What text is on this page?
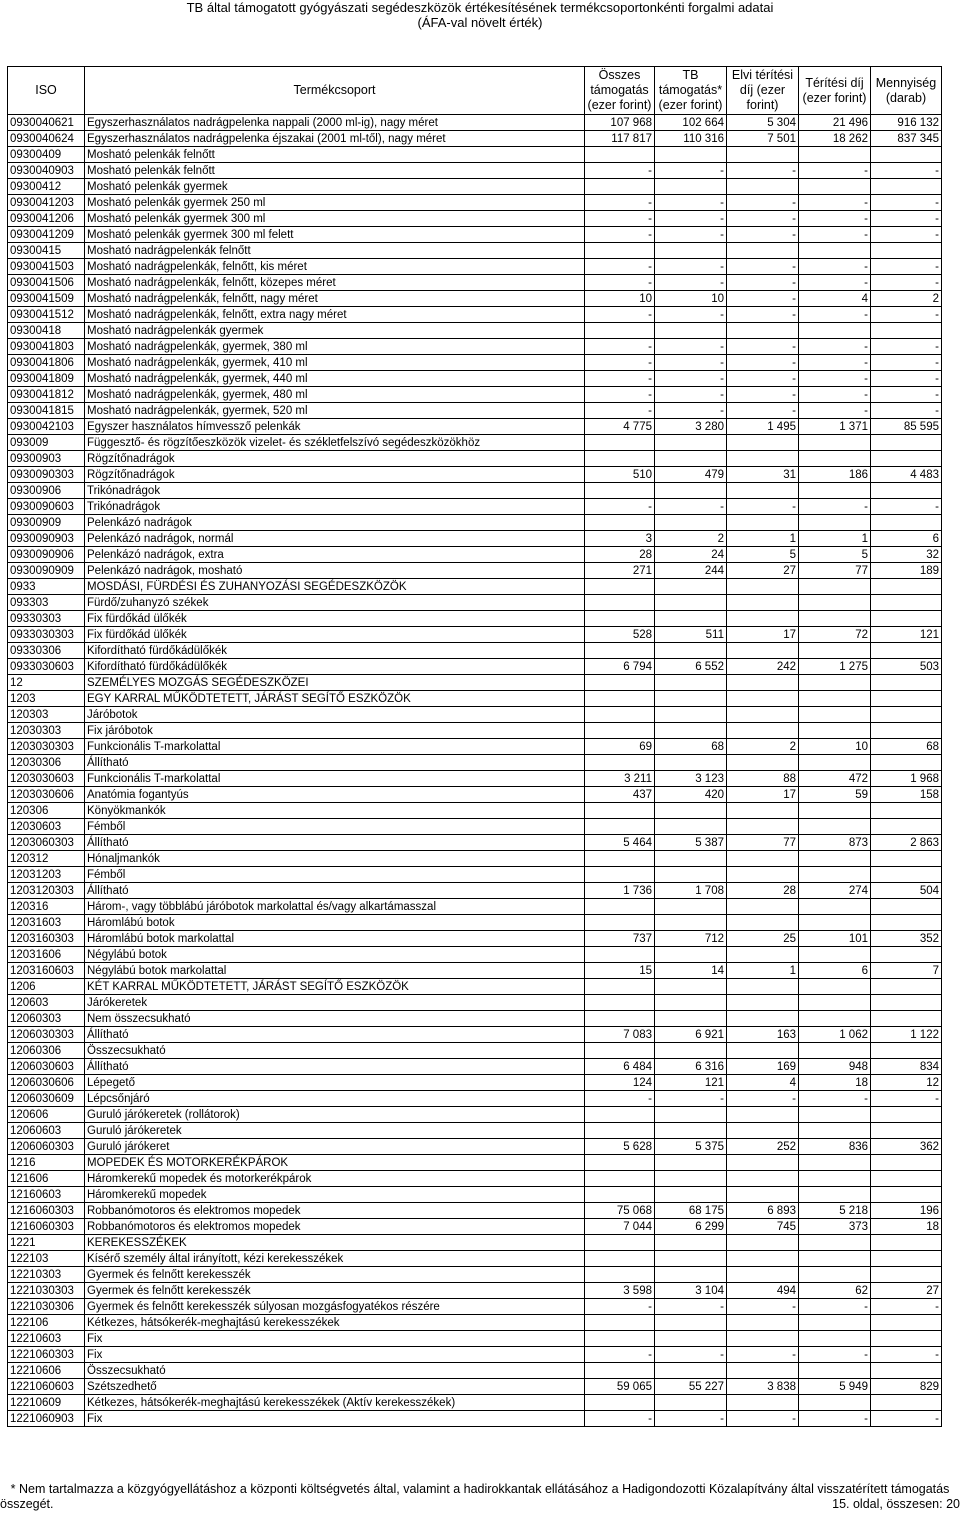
TB által támogatott gyógyászati segédeszközök értékesítésének termékcsoportonkénti forgalmi adatai
(ÁFA-val növelt érték)
ISO	Termékcsoport	Összes támogatás (ezer forint)	TB támogatás* (ezer forint)	Elvi térítési díj (ezer forint)	Térítési díj (ezer forint)	Mennyiség (darab)
0930040621	Egyszerhasználatos nadrágpelenka nappali (2000 ml-ig), nagy méret	107 968	102 664	5 304	21 496	916 132
0930040624	Egyszerhasználatos nadrágpelenka éjszakai (2001 ml-től), nagy méret	117 817	110 316	7 501	18 262	837 345
09300409	Mosható pelenkák felnőtt					
0930040903	Mosható pelenkák felnőtt	-	-	-	-	-
09300412	Mosható pelenkák gyermek					
0930041203	Mosható pelenkák gyermek 250 ml	-	-	-	-	-
0930041206	Mosható pelenkák gyermek 300 ml	-	-	-	-	-
0930041209	Mosható pelenkák gyermek 300 ml felett	-	-	-	-	-
09300415	Mosható nadrágpelenkák felnőtt					
0930041503	Mosható nadrágpelenkák, felnőtt, kis méret	-	-	-	-	-
0930041506	Mosható nadrágpelenkák, felnőtt, közepes méret	-	-	-	-	-
0930041509	Mosható nadrágpelenkák, felnőtt, nagy méret	10	10	-	4	2
0930041512	Mosható nadrágpelenkák, felnőtt, extra nagy méret	-	-	-	-	-
09300418	Mosható nadrágpelenkák gyermek					
0930041803	Mosható nadrágpelenkák, gyermek, 380 ml	-	-	-	-	-
0930041806	Mosható nadrágpelenkák, gyermek, 410 ml	-	-	-	-	-
0930041809	Mosható nadrágpelenkák, gyermek, 440 ml	-	-	-	-	-
0930041812	Mosható nadrágpelenkák, gyermek, 480 ml	-	-	-	-	-
0930041815	Mosható nadrágpelenkák, gyermek, 520 ml	-	-	-	-	-
0930042103	Egyszer használatos hímvessző pelenkák	4 775	3 280	1 495	1 371	85 595
093009	Függesztő- és rögzítőeszközök vizelet- és székletfelszívó segédeszközökhöz					
09300903	Rögzítőnadrágok					
0930090303	Rögzítőnadrágok	510	479	31	186	4 483
09300906	Trikónadrágok					
0930090603	Trikónadrágok	-	-	-	-	-
09300909	Pelenkázó nadrágok					
0930090903	Pelenkázó nadrágok, normál	3	2	1	1	6
0930090906	Pelenkázó nadrágok, extra	28	24	5	5	32
0930090909	Pelenkázó nadrágok, mosható	271	244	27	77	189
0933	MOSDÁSI, FÜRDÉSI ÉS ZUHANYOZÁSI SEGÉDESZKÖZÖK					
093303	Fürdő/zuhanyzó székek					
09330303	Fix fürdőkád ülőkék					
0933030303	Fix fürdőkád ülőkék	528	511	17	72	121
09330306	Kifordítható fürdőkádülőkék					
0933030603	Kifordítható fürdőkádülőkék	6 794	6 552	242	1 275	503
12	SZEMÉLYES MOZGÁS SEGÉDESZKÖZEI					
1203	EGY KARRAL MŰKÖDTETETT, JÁRÁST SEGÍTŐ ESZKÖZÖK					
120303	Járóbotok					
12030303	Fix járóbotok					
1203030303	Funkcionális T-markolattal	69	68	2	10	68
12030306	Állítható					
1203030603	Funkcionális T-markolattal	3 211	3 123	88	472	1 968
1203030606	Anatómia fogantyús	437	420	17	59	158
120306	Könyökmankók					
12030603	Fémből					
1203060303	Állítható	5 464	5 387	77	873	2 863
120312	Hónaljmankók					
12031203	Fémből					
1203120303	Állítható	1 736	1 708	28	274	504
120316	Három-, vagy többlábú járóbotok markolattal és/vagy alkartámasszal					
12031603	Háromlábú botok					
1203160303	Háromlábú botok markolattal	737	712	25	101	352
12031606	Négylábú botok					
1203160603	Négylábú botok markolattal	15	14	1	6	7
1206	KÉT KARRAL MŰKÖDTETETT, JÁRÁST SEGÍTŐ ESZKÖZÖK					
120603	Járókeretek					
12060303	Nem összecsukható					
1206030303	Állítható	7 083	6 921	163	1 062	1 122
12060306	Összecsukható					
1206030603	Állítható	6 484	6 316	169	948	834
1206030606	Lépegető	124	121	4	18	12
1206030609	Lépcsőnjáró	-	-	-	-	-
120606	Guruló járókeretek (rollátorok)					
12060603	Guruló járókeretek					
1206060303	Guruló járókeret	5 628	5 375	252	836	362
1216	MOPEDEK ÉS MOTORKERÉKPÁROK					
121606	Háromkerekű mopedek és motorkerékpárok					
12160603	Háromkerekű mopedek					
1216060303	Robbanómotoros és elektromos mopedek	75 068	68 175	6 893	5 218	196
1216060303	Robbanómotoros és elektromos mopedek	7 044	6 299	745	373	18
1221	KEREKESSZÉKEK					
122103	Kísérő személy által irányított, kézi kerekesszékek					
12210303	Gyermek és felnőtt kerekesszék					
1221030303	Gyermek és felnőtt kerekesszék	3 598	3 104	494	62	27
1221030306	Gyermek és felnőtt kerekesszék súlyosan mozgásfogyatékos részére	-	-	-	-	-
122106	Kétkezes, hátsókerék-meghajtású kerekesszékek					
12210603	Fix					
1221060303	Fix	-	-	-	-	-
12210606	Összecsukható					
1221060603	Szétszedhető	59 065	55 227	3 838	5 949	829
12210609	Kétkezes, hátsókerék-meghajtású kerekesszékek (Aktív kerekesszékek)					
1221060903	Fix	-	-	-	-	-
* Nem tartalmazza a közgyógyellátáshoz a központi költségvetés által, valamint a hadirokkantak ellátásához a Hadigondozotti Közalapítvány által visszatérített támogatás
összegét.	15. oldal, összesen: 20
